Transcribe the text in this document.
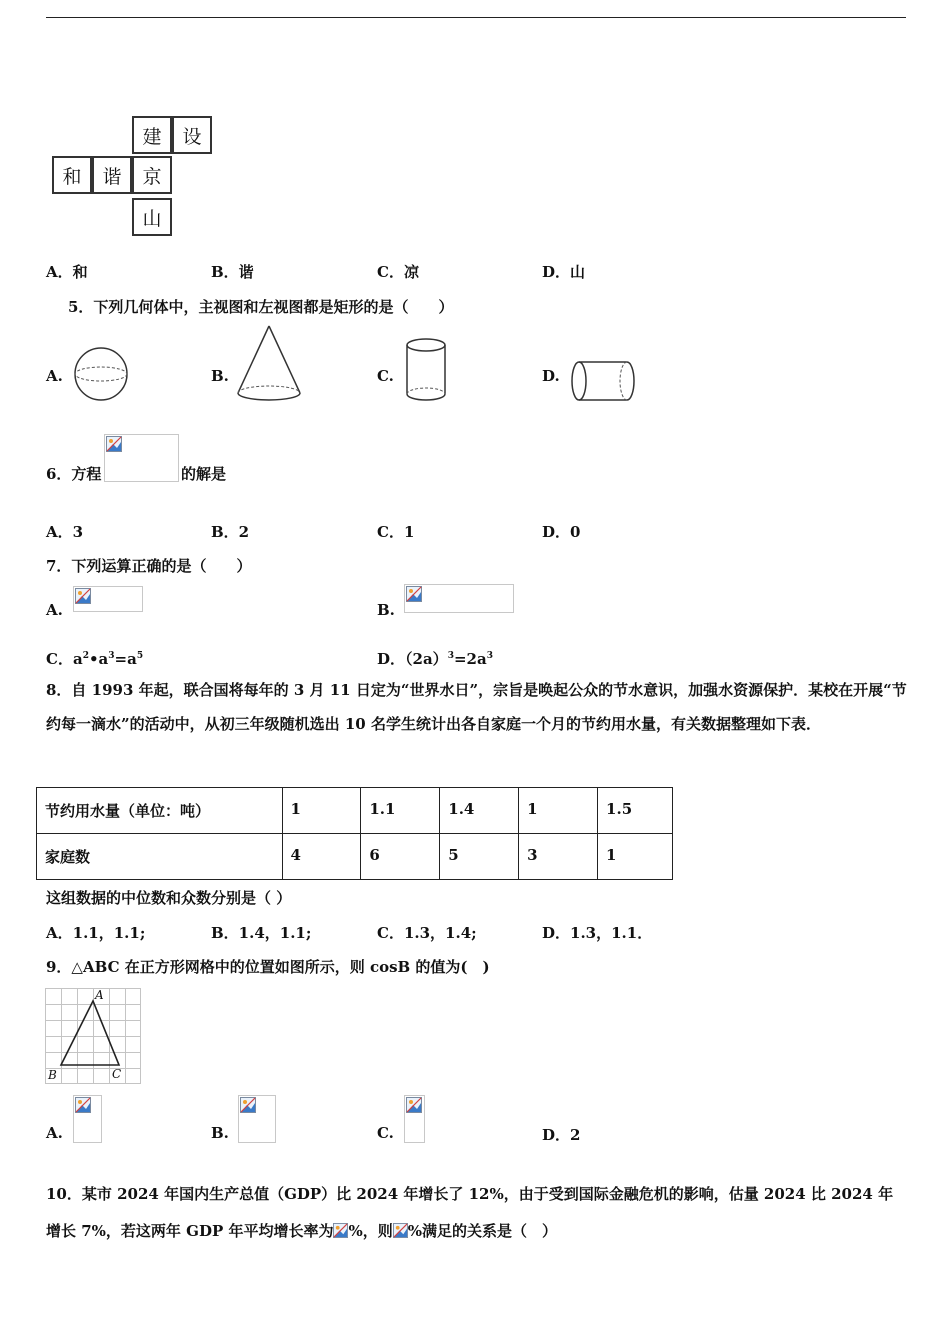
建	设
和	谐	京
山
A．和	B．谐	C．凉	D．山
5．下列几何体中，主视图和左视图都是矩形的是（　　）
A.	B.	C.	D.
6．方程	的解是
A．3	B．2	C．1	D．0
7．下列运算正确的是（　　）
A.	B.
C．$a^2•a^3=a^5$	D．$(2a)^3=2a^3$
8．自 1993 年起，联合国将每年的 3 月 11 日定为“世界水日”，宗旨是唤起公众的节水意识，加强水资源保护．某校在开展“节约每一滴水”的活动中，从初三年级随机选出 10 名学生统计出各自家庭一个月的节约用水量，有关数据整理如下表．
节约用水量（单位：吨）	1	1.1	1.4	1	1.5
家庭数	4	6	5	3	1
这组数据的中位数和众数分别是（ ）
A．1.1，1.1;	B．1.4，1.1;	C．1.3，1.4;	D．1.3，1.1．
9．△ABC 在正方形网格中的位置如图所示，则 cosB 的值为(　)
A
B	C
A.	B.	C.	D．2
10．某市 2024 年国内生产总值（GDP）比 2024 年增长了 12%，由于受到国际金融危机的影响，估量 2024 比 2024 年
增长 7%，若这两年 GDP 年平均增长率为 %，则 %满足的关系是（　）
